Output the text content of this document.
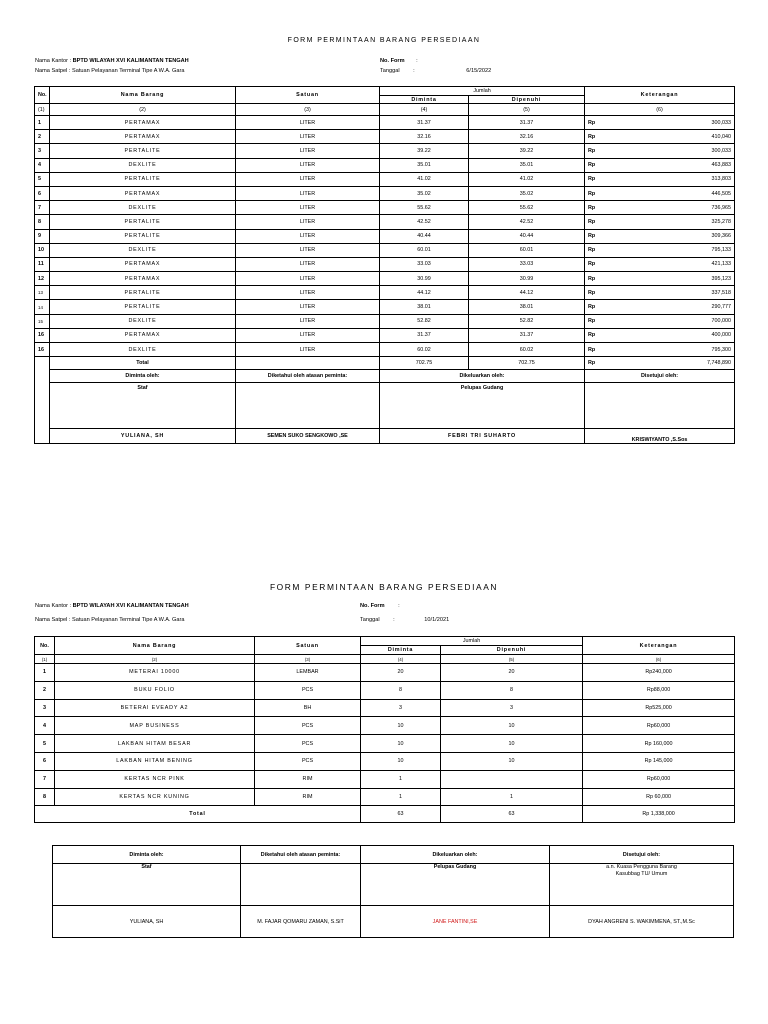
FORM PERMINTAAN BARANG PERSEDIAAN
Nama Kantor : BPTD WILAYAH XVI KALIMANTAN TENGAH
Nama Satpel : Satuan Pelayanan Terminal Tipe A W.A. Gara
No. Form :
Tanggal :	6/15/2022
No.	Nama Barang	Satuan	Jumlah		Keterangan
			Diminta	Dipenuhi	
(1)	(2)	(3)	(4)	(5)	(6)
1	PERTAMAX	LITER	31.37	31.37	Rp 300,033

2	PERTAMAX	LITER	32.16	32.16	Rp 410,040

3	PERTALITE	LITER	39.22	39.22	Rp 300,033

4	DEXLITE	LITER	35.01	35.01	Rp 463,883

5	PERTALITE	LITER	41.02	41.02	Rp 313,803

6	PERTAMAX	LITER	35.02	35.02	Rp 446,505

7	DEXLITE	LITER	55.62	55.62	Rp 736,965

8	PERTALITE	LITER	42.52	42.52	Rp 325,278

9	PERTALITE	LITER	40.44	40.44	Rp 309,366

10	DEXLITE	LITER	60.01	60.01	Rp 795,133

11	PERTAMAX	LITER	33.03	33.03	Rp 421,133

12	PERTAMAX	LITER	30.99	30.99	Rp 395,123

13	PERTALITE	LITER	44.12	44.12	Rp 337,518

14	PERTALITE	LITER	38.01	38.01	Rp 290,777

15	DEXLITE	LITER	52.82	52.82	Rp 700,000

16	PERTAMAX	LITER	31.37	31.37	Rp 400,000

16	DEXLITE	LITER	60.02	60.02	Rp 795,300

	Total		702.75	702.75	Rp 7,748,890

	Diminta oleh:	Diketahui oleh atasan peminta:	Dikeluarkan oleh:		Disetujui oleh:
	Staf		Pelupas Gudang		

	YULIANA, SH	SEMEN SUKO SENGKOWO ,SE	FEBRI TRI SUHARTO		KRISWIYANTO ,S.Sos
FORM PERMINTAAN BARANG PERSEDIAAN
Nama Kantor : BPTD WILAYAH XVI KALIMANTAN TENGAH
Nama Satpel : Satuan Pelayanan Terminal Tipe A W.A. Gara
No. Form :
Tanggal :	10/1/2021
No.	Nama Barang	Satuan	Jumlah		Keterangan
			Diminta	Dipenuhi	
(1)	(2)	(3)	(4)	(5)	(6)
1	METERAI 10000	LEMBAR	20	20	Rp240,000
2	BUKU FOLIO	PCS	8	8	Rp88,000
3	BETERAI EVEADY A2	BH	3	3	Rp525,000
4	MAP BUSINESS	PCS	10	10	Rp60,000
5	LAKBAN HITAM BESAR	PCS	10	10	Rp 160,000
6	LAKBAN HITAM BENING	PCS	10	10	Rp 145,000
7	KERTAS NCR PINK	RIM	1		Rp60,000
8	KERTAS NCR KUNING	RIM	1	1	Rp 60,000
Total			63	63	Rp 1,338,000
Diminta oleh:	Diketahui oleh atasan peminta:	Dikeluarkan oleh:	Disetujui oleh:
Staf		Pelupas Gudang	a.n. Kuasa Pengguna Barang
Kasubbag TU/ Umum

YULIANA, SH	M. FAJAR QOMARU ZAMAN, S.SiT	JANE FANTINI,SE	DYAH ANGRENI S. WAKIMMENA, ST.,M.Sc
